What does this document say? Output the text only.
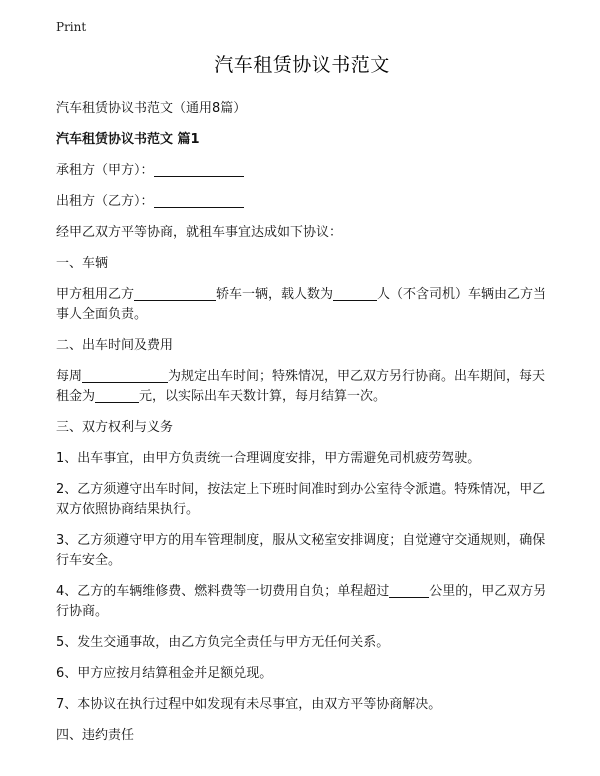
Print
汽车租赁协议书范文
汽车租赁协议书范文（通用8篇）
汽车租赁协议书范文 篇1
承租方（甲方）：
出租方（乙方）：
经甲乙双方平等协商，就租车事宜达成如下协议：
一、车辆
甲方租用乙方	轿车一辆，载人数为	人（不含司机）车辆由乙方当事人全面负责。
二、出车时间及费用
每周	为规定出车时间；特殊情况，甲乙双方另行协商。出车期间，每天租金为	元，以实际出车天数计算，每月结算一次。
三、双方权利与义务
1、出车事宜，由甲方负责统一合理调度安排，甲方需避免司机疲劳驾驶。
2、乙方须遵守出车时间，按法定上下班时间准时到办公室待令派遣。特殊情况，甲乙双方依照协商结果执行。
3、乙方须遵守甲方的用车管理制度，服从文秘室安排调度；自觉遵守交通规则，确保行车安全。
4、乙方的车辆维修费、燃料费等一切费用自负；单程超过	公里的，甲乙双方另行协商。
5、发生交通事故，由乙方负完全责任与甲方无任何关系。
6、甲方应按月结算租金并足额兑现。
7、本协议在执行过程中如发现有未尽事宜，由双方平等协商解决。
四、违约责任
